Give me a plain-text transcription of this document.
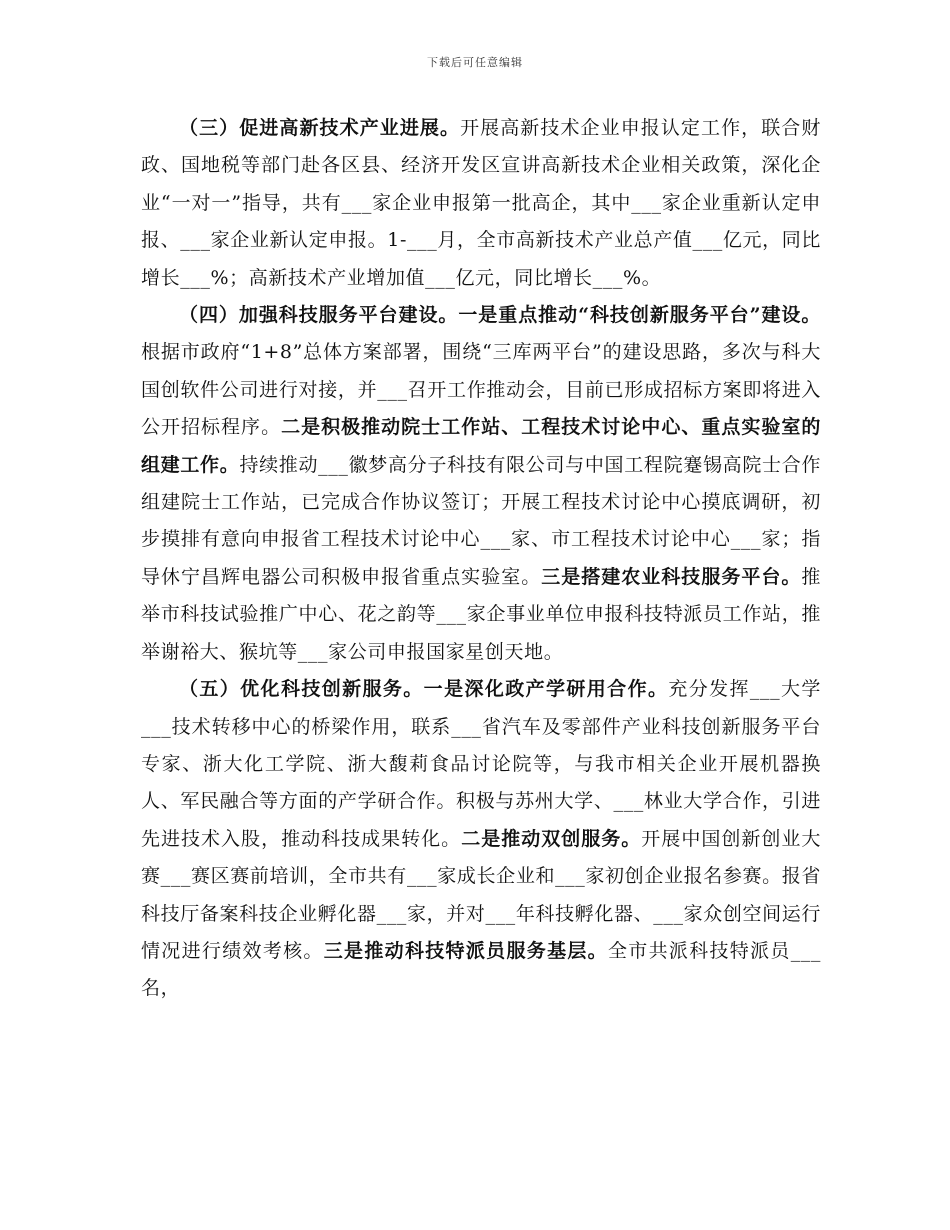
下载后可任意编辑

（三）促进高新技术产业进展。开展高新技术企业申报认定工作，联合财政、国地税等部门赴各区县、经济开发区宣讲高新技术企业相关政策，深化企业“一对一”指导，共有___家企业申报第一批高企，其中___家企业重新认定申报、___家企业新认定申报。1-___月，全市高新技术产业总产值___亿元，同比增长___%；高新技术产业增加值___亿元，同比增长___%。

（四）加强科技服务平台建设。一是重点推动“科技创新服务平台”建设。根据市政府“1+8”总体方案部署，围绕“三库两平台”的建设思路，多次与科大国创软件公司进行对接，并___召开工作推动会，目前已形成招标方案即将进入公开招标程序。二是积极推动院士工作站、工程技术讨论中心、重点实验室的组建工作。持续推动___徽梦高分子科技有限公司与中国工程院蹇锡高院士合作组建院士工作站，已完成合作协议签订；开展工程技术讨论中心摸底调研，初步摸排有意向申报省工程技术讨论中心___家、市工程技术讨论中心___家；指导休宁昌辉电器公司积极申报省重点实验室。三是搭建农业科技服务平台。推举市科技试验推广中心、花之韵等___家企事业单位申报科技特派员工作站，推举谢裕大、猴坑等___家公司申报国家星创天地。

（五）优化科技创新服务。一是深化政产学研用合作。充分发挥___大学___技术转移中心的桥梁作用，联系___省汽车及零部件产业科技创新服务平台专家、浙大化工学院、浙大馥莉食品讨论院等，与我市相关企业开展机器换人、军民融合等方面的产学研合作。积极与苏州大学、___林业大学合作，引进先进技术入股，推动科技成果转化。二是推动双创服务。开展中国创新创业大赛___赛区赛前培训，全市共有___家成长企业和___家初创企业报名参赛。报省科技厅备案科技企业孵化器___家，并对___年科技孵化器、___家众创空间运行情况进行绩效考核。三是推动科技特派员服务基层。全市共派科技特派员___名，
